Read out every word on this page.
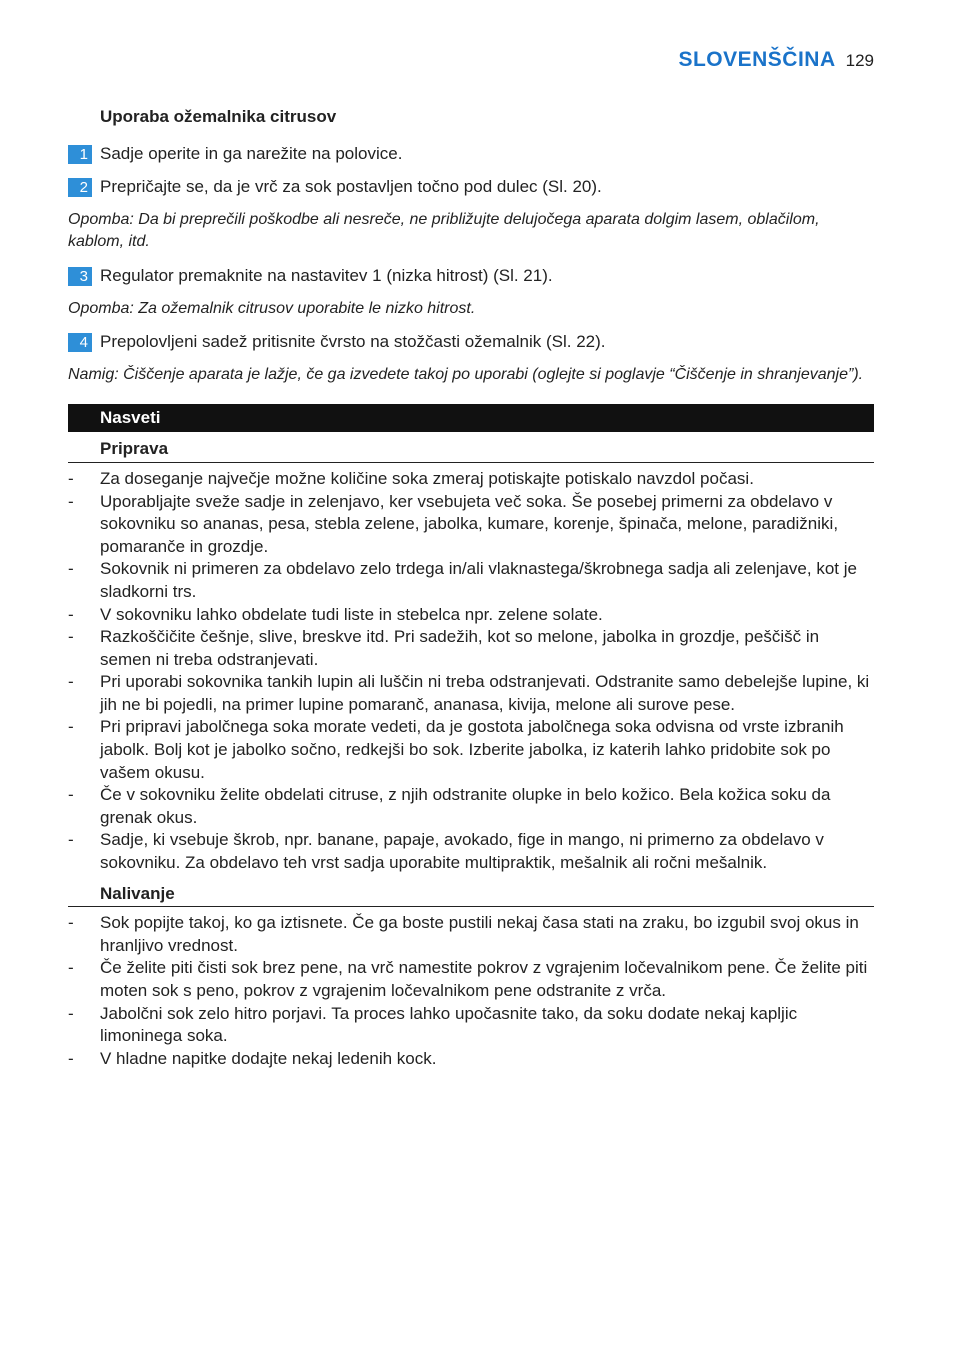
SLOVENŠČINA 129
Uporaba ožemalnika citrusov
1 Sadje operite in ga narežite na polovice.
2 Prepričajte se, da je vrč za sok postavljen točno pod dulec (Sl. 20).
Opomba: Da bi preprečili poškodbe ali nesreče, ne približujte delujočega aparata dolgim lasem, oblačilom, kablom, itd.
3 Regulator premaknite na nastavitev 1 (nizka hitrost) (Sl. 21).
Opomba: Za ožemalnik citrusov uporabite le nizko hitrost.
4 Prepolovljeni sadež pritisnite čvrsto na stožčasti ožemalnik (Sl. 22).
Namig: Čiščenje aparata je lažje, če ga izvedete takoj po uporabi (oglejte si poglavje “Čiščenje in shranjevanje”).
Nasveti
Priprava
-	Za doseganje največje možne količine soka zmeraj potiskajte potiskalo navzdol počasi.
-	Uporabljajte sveže sadje in zelenjavo, ker vsebujeta več soka. Še posebej primerni za obdelavo v sokovniku so ananas, pesa, stebla zelene, jabolka, kumare, korenje, špinača, melone, paradižniki, pomaranče in grozdje.
-	Sokovnik ni primeren za obdelavo zelo trdega in/ali vlaknastega/škrobnega sadja ali zelenjave, kot je sladkorni trs.
-	V sokovniku lahko obdelate tudi liste in stebelca npr. zelene solate.
-	Razkoščičite češnje, slive, breskve itd. Pri sadežih, kot so melone, jabolka in grozdje, peščišč in semen ni treba odstranjevati.
-	Pri uporabi sokovnika tankih lupin ali luščin ni treba odstranjevati. Odstranite samo debelejše lupine, ki jih ne bi pojedli, na primer lupine pomaranč, ananasa, kivija, melone ali surove pese.
-	Pri pripravi jabolčnega soka morate vedeti, da je gostota jabolčnega soka odvisna od vrste izbranih jabolk. Bolj kot je jabolko sočno, redkejši bo sok. Izberite jabolka, iz katerih lahko pridobite sok po vašem okusu.
-	Če v sokovniku želite obdelati citruse, z njih odstranite olupke in belo kožico. Bela kožica soku da grenak okus.
-	Sadje, ki vsebuje škrob, npr. banane, papaje, avokado, fige in mango, ni primerno za obdelavo v sokovniku. Za obdelavo teh vrst sadja uporabite multipraktik, mešalnik ali ročni mešalnik.
Nalivanje
-	Sok popijte takoj, ko ga iztisnete. Če ga boste pustili nekaj časa stati na zraku, bo izgubil svoj okus in hranljivo vrednost.
-	Če želite piti čisti sok brez pene, na vrč namestite pokrov z vgrajenim ločevalnikom pene. Če želite piti moten sok s peno, pokrov z vgrajenim ločevalnikom pene odstranite z vrča.
-	Jabolčni sok zelo hitro porjavi. Ta proces lahko upočasnite tako, da soku dodate nekaj kapljic limoninega soka.
-	V hladne napitke dodajte nekaj ledenih kock.
